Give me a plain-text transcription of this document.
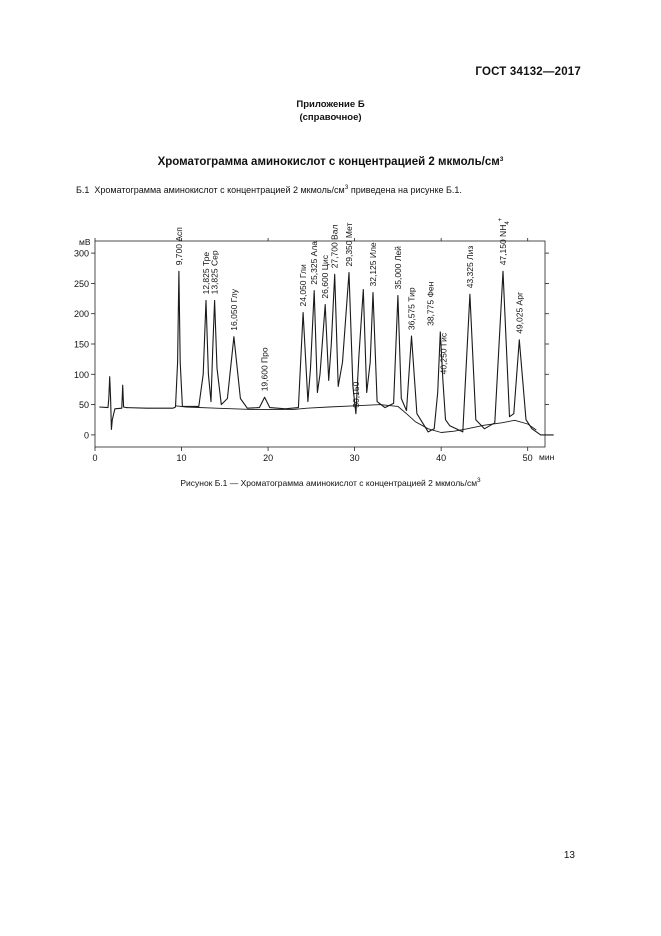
ГОСТ 34132—2017
Приложение Б
(справочное)
Хроматограмма аминокислот с концентрацией 2 мкмоль/$см^3$
Б.1 Хроматограмма аминокислот с концентрацией 2 мкмоль/$см^3$ приведена на рисунке Б.1.
0
50
100
150
200
250
300
0	10	20	30	40	50
мВ
мин
9,700 Асп
12,825 Тре
13,825 Сер
16,050 Глу
19,600 Про
24,050 Гли
25,325 Ала 26,600 Цис
27,700 Вал 29,350 Мет
30,150
32,125 Иле 35,000 Лей
36,575 Тир 38,775 Фен
40,250 Гис
43,325 Лиз
47,150 $NH_4^+$
49,025 Арг
Рисунок Б.1 — Хроматограмма аминокислот с концентрацией 2 мкмоль/$см^3$
13
